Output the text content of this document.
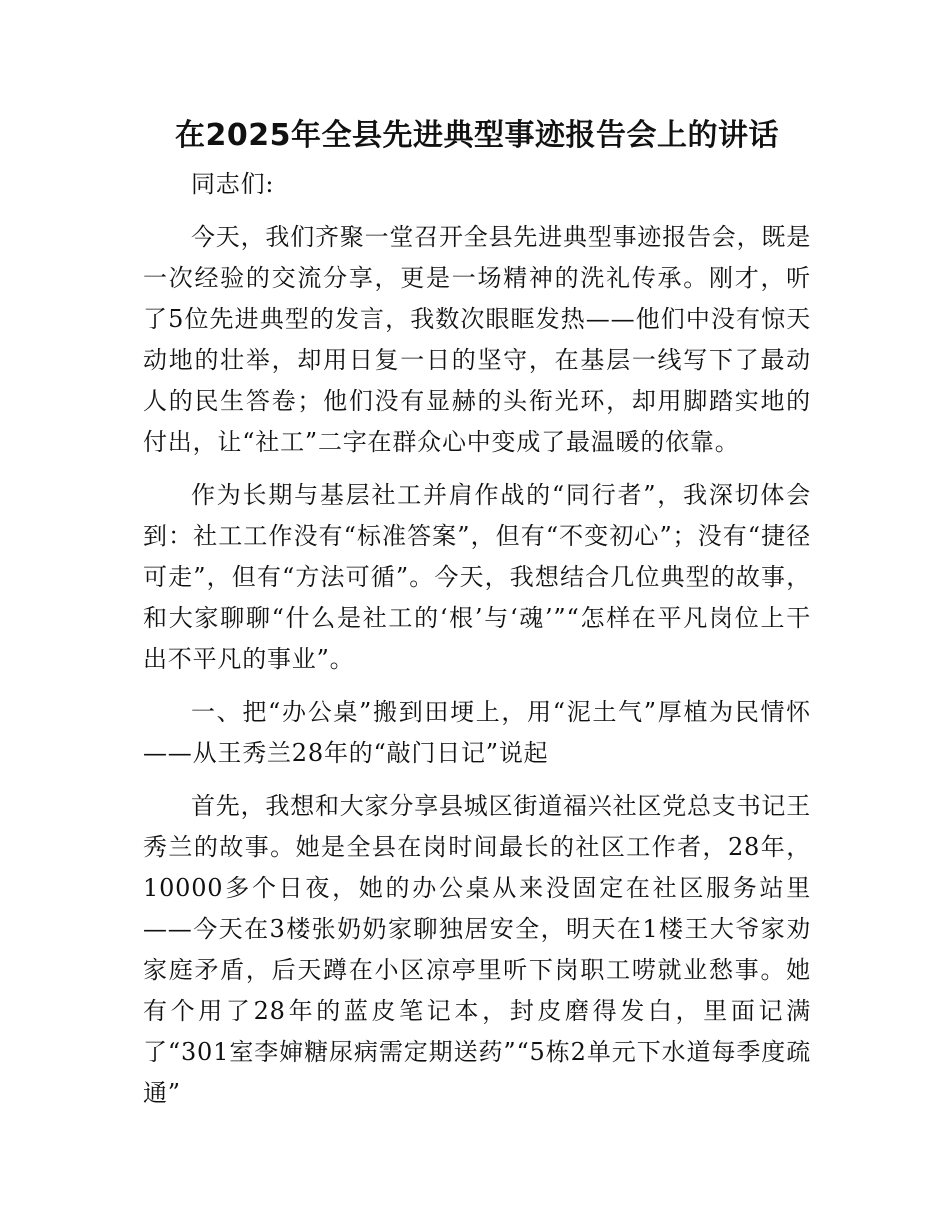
在2025年全县先进典型事迹报告会上的讲话

同志们:

今天，我们齐聚一堂召开全县先进典型事迹报告会，既是一次经验的交流分享，更是一场精神的洗礼传承。刚才，听了5位先进典型的发言，我数次眼眶发热——他们中没有惊天动地的壮举，却用日复一日的坚守，在基层一线写下了最动人的民生答卷；他们没有显赫的头衔光环，却用脚踏实地的付出，让“社工”二字在群众心中变成了最温暖的依靠。

作为长期与基层社工并肩作战的“同行者”，我深切体会到：社工工作没有“标准答案”，但有“不变初心”；没有“捷径可走”，但有“方法可循”。今天，我想结合几位典型的故事，和大家聊聊“什么是社工的‘根’与‘魂’”“怎样在平凡岗位上干出不平凡的事业”。

一、把“办公桌”搬到田埂上，用“泥土气”厚植为民情怀——从王秀兰28年的“敲门日记”说起

首先，我想和大家分享县城区街道福兴社区党总支书记王秀兰的故事。她是全县在岗时间最长的社区工作者，28年，10000多个日夜，她的办公桌从来没固定在社区服务站里——今天在3楼张奶奶家聊独居安全，明天在1楼王大爷家劝家庭矛盾，后天蹲在小区凉亭里听下岗职工唠就业愁事。她有个用了28年的蓝皮笔记本，封皮磨得发白，里面记满了“301室李婶糖尿病需定期送药”“5栋2单元下水道每季度疏通”
